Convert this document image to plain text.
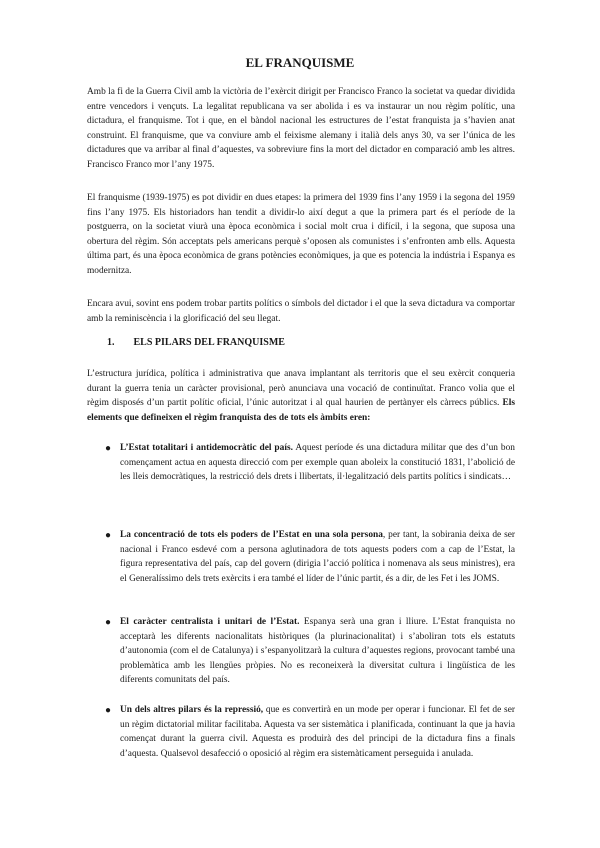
EL FRANQUISME

Amb la fi de la Guerra Civil amb la victòria de l’exèrcit dirigit per Francisco Franco la societat va quedar dividida entre vencedors i vençuts. La legalitat republicana va ser abolida i es va instaurar un nou règim polític, una dictadura, el franquisme. Tot i que, en el bàndol nacional les estructures de l’estat franquista ja s’havien anat construint. El franquisme, que va conviure amb el feixisme alemany i italià dels anys 30, va ser l’única de les dictadures que va arribar al final d’aquestes, va sobreviure fins la mort del dictador en comparació amb les altres. Francisco Franco mor l’any 1975.

El franquisme (1939-1975) es pot dividir en dues etapes: la primera del 1939 fins l’any 1959 i la segona del 1959 fins l’any 1975. Els historiadors han tendit a dividir-lo així degut a que la primera part és el període de la postguerra, on la societat viurà una època econòmica i social molt crua i difícil, i la segona, que suposa una obertura del règim. Són acceptats pels americans perquè s’oposen als comunistes i s’enfronten amb ells. Aquesta última part, és una època econòmica de grans potències econòmiques, ja que es potencia la indústria i Espanya es modernitza.

Encara avui, sovint ens podem trobar partits polítics o símbols del dictador i el que la seva dictadura va comportar amb la reminiscència i la glorificació del seu llegat.

1. ELS PILARS DEL FRANQUISME

L’estructura jurídica, política i administrativa que anava implantant als territoris que el seu exèrcit conqueria durant la guerra tenia un caràcter provisional, però anunciava una vocació de continuïtat. Franco volia que el règim disposés d’un partit polític oficial, l’únic autoritzat i al qual haurien de pertànyer els càrrecs públics. Els elements que defineixen el règim franquista des de tots els àmbits eren:

● L’Estat totalitari i antidemocràtic del país. Aquest període és una dictadura militar que des d’un bon començament actua en aquesta direcció com per exemple quan aboleix la constitució 1831, l’abolició de les lleis democràtiques, la restricció dels drets i llibertats, il·legalització dels partits polítics i sindicats…
● La concentració de tots els poders de l’Estat en una sola persona, per tant, la sobirania deixa de ser nacional i Franco esdevé com a persona aglutinadora de tots aquests poders com a cap de l’Estat, la figura representativa del país, cap del govern (dirigia l’acció política i nomenava als seus ministres), era el Generalíssimo dels trets exèrcits i era també el líder de l’únic partit, és a dir, de les Fet i les JOMS.
● El caràcter centralista i unitari de l’Estat. Espanya serà una gran i lliure. L’Estat franquista no acceptarà les diferents nacionalitats històriques (la plurinacionalitat) i s’aboliran tots els estatuts d’autonomia (com el de Catalunya) i s’espanyolitzarà la cultura d’aquestes regions, provocant també una problemàtica amb les llengües pròpies. No es reconeixerà la diversitat cultura i lingüística de les diferents comunitats del país.
● Un dels altres pilars és la repressió, que es convertirà en un mode per operar i funcionar. El fet de ser un règim dictatorial militar facilitaba. Aquesta va ser sistemàtica i planificada, continuant la que ja havia començat durant la guerra civil. Aquesta es produirà des del principi de la dictadura fins a finals d’aquesta. Qualsevol desafecció o oposició al règim era sistemàticament perseguida i anulada.
